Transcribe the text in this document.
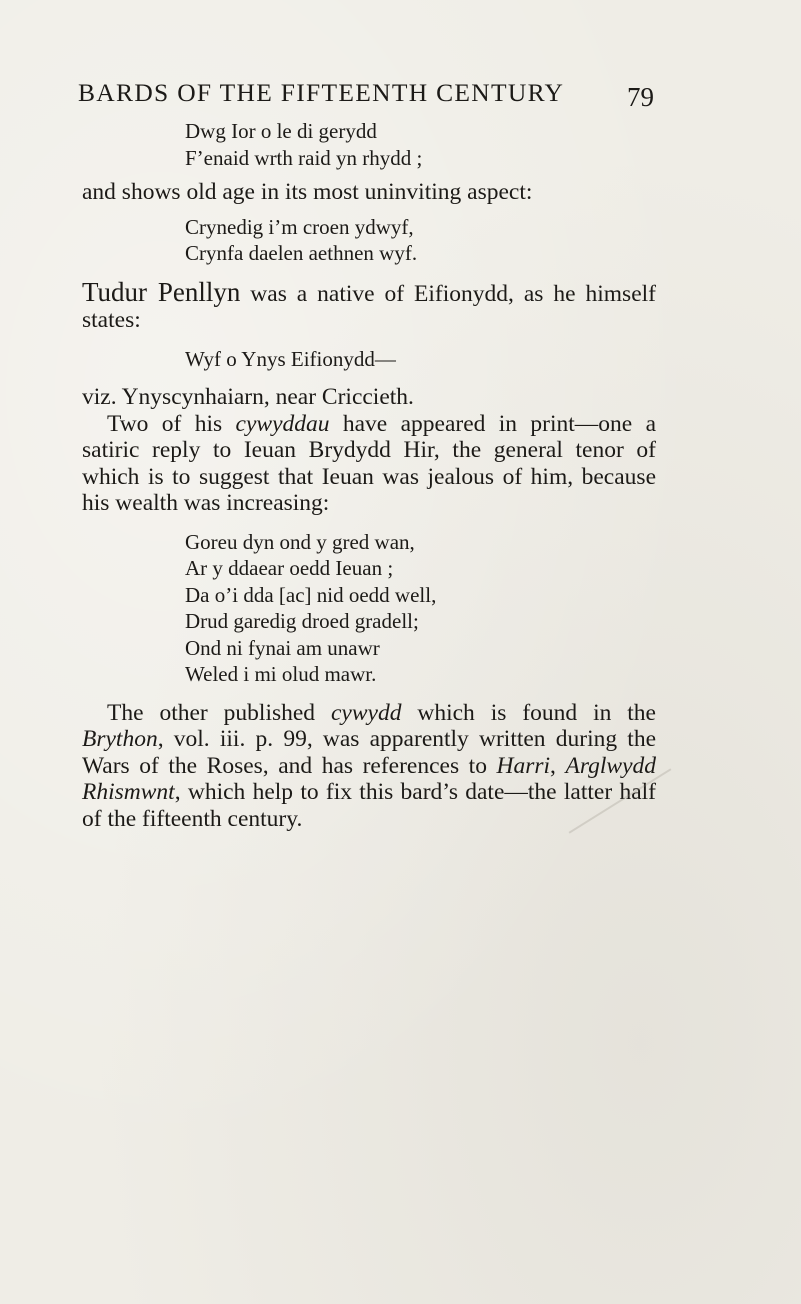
BARDS OF THE FIFTEENTH CENTURY	79
Dwg Ior o le di gerydd
F’enaid wrth raid yn rhydd ;

and shows old age in its most uninviting aspect:

Crynedig i’m croen ydwyf,
Crynfa daelen aethnen wyf.

Tudur Penllyn was a native of Eifionydd, as he himself states:

Wyf o Ynys Eifionydd—

viz. Ynyscynhaiarn, near Criccieth.

Two of his cywyddau have appeared in print—one a satiric reply to Ieuan Brydydd Hir, the general tenor of which is to suggest that Ieuan was jealous of him, because his wealth was increasing:

Goreu dyn ond y gred wan,
Ar y ddaear oedd Ieuan ;
Da o’i dda [ac] nid oedd well,
Drud garedig droed gradell;
Ond ni fynai am unawr
Weled i mi olud mawr.

The other published cywydd which is found in the Brython, vol. iii. p. 99, was apparently written during the Wars of the Roses, and has references to Harri, Arglwydd Rhismwnt, which help to fix this bard’s date—the latter half of the fifteenth century.
